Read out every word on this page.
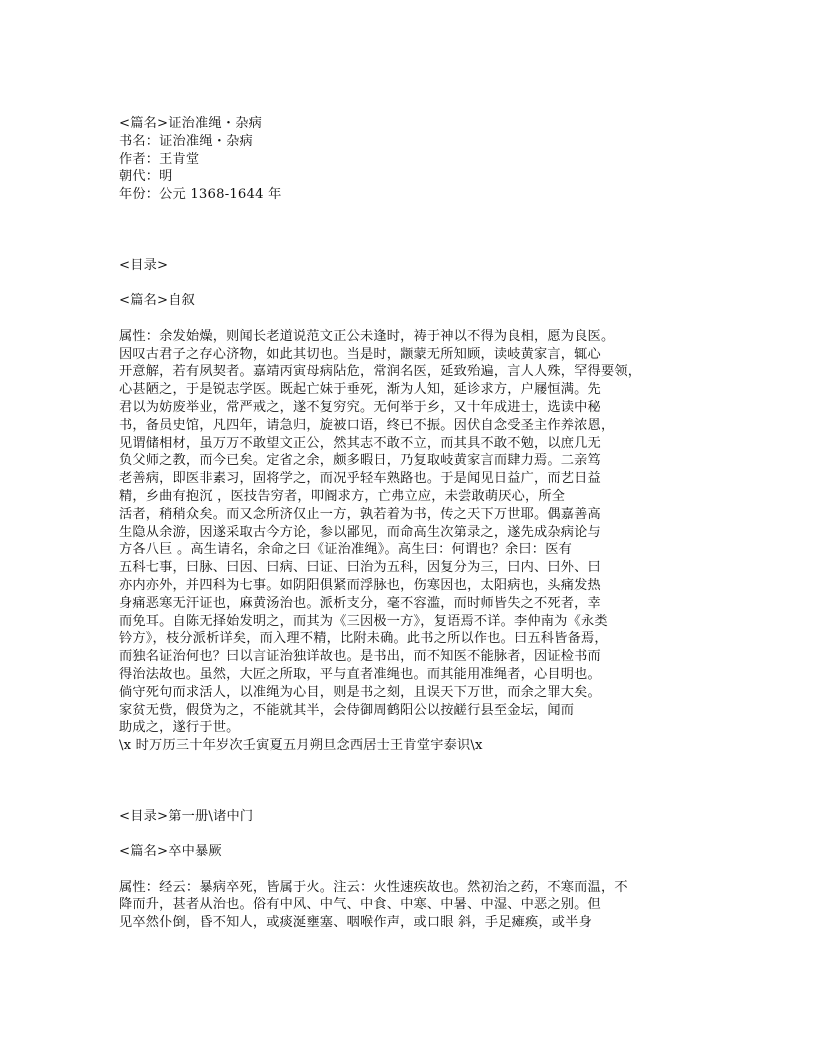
<篇名>证治准绳・杂病
书名：证治准绳・杂病
作者：王肯堂
朝代：明
年份：公元 1368-1644 年
<目录>
<篇名>自叙
属性：余发始燥，则闻长老道说范文正公未逢时，祷于神以不得为良相，愿为良医。
因叹古君子之存心济物，如此其切也。当是时，颛蒙无所知顾，读岐黄家言，辄心
开意解，若有夙契者。嘉靖丙寅母病阽危，常润名医，延致殆遍，言人人殊，罕得要领，
心甚陋之，于是锐志学医。既起亡妹于垂死，渐为人知，延诊求方，户屦恒满。先
君以为妨废举业，常严戒之，遂不复穷究。无何举于乡，又十年成进士，选读中秘
书，备员史馆，凡四年，请急归，旋被口语，终已不振。因伏自念受圣主作养浓恩，
见谓储相材，虽万万不敢望文正公，然其志不敢不立，而其具不敢不勉，以庶几无
负父师之教，而今已矣。定省之余，颇多暇日，乃复取岐黄家言而肆力焉。二亲笃
老善病，即医非素习，固将学之，而况乎轻车熟路也。于是闻见日益广，而艺日益
精，乡曲有抱沉 ，医技告穷者，叩阍求方，亡弗立应，未尝敢萌厌心，所全
活者，稍稍众矣。而又念所济仅止一方，孰若着为书，传之天下万世耶。偶嘉善高
生隐从余游，因遂采取古今方论，参以鄙见，而命高生次第录之，遂先成杂病论与
方各八巨 。高生请名，余命之曰《证治准绳》。高生曰：何谓也？余曰：医有
五科七事，曰脉、曰因、曰病、曰证、曰治为五科，因复分为三，曰内、曰外、曰
亦内亦外，并四科为七事。如阴阳俱紧而浮脉也，伤寒因也，太阳病也，头痛发热
身痛恶寒无汗证也，麻黄汤治也。派析支分，毫不容滥，而时师皆失之不死者，幸
而免耳。自陈无择始发明之，而其为《三因极一方》，复语焉不详。李仲南为《永类
钤方》，枝分派析详矣，而入理不精，比附未确。此书之所以作也。曰五科皆备焉，
而独名证治何也？曰以言证治独详故也。是书出，而不知医不能脉者，因证检书而
得治法故也。虽然，大匠之所取，平与直者准绳也。而其能用准绳者，心目明也。
倘守死句而求活人，以准绳为心目，则是书之刻，且误天下万世，而余之罪大矣。
家贫无赀，假贷为之，不能就其半，会侍御周鹤阳公以按鹾行县至金坛，闻而
助成之，遂行于世。
\x 时万历三十年岁次壬寅夏五月朔旦念西居士王肯堂宇泰识\x
<目录>第一册\诸中门
<篇名>卒中暴厥
属性：经云：暴病卒死，皆属于火。注云：火性速疾故也。然初治之药，不寒而温，不
降而升，甚者从治也。俗有中风、中气、中食、中寒、中暑、中湿、中恶之别。但
见卒然仆倒，昏不知人，或痰涎壅塞、咽喉作声，或口眼 斜，手足瘫痪，或半身
